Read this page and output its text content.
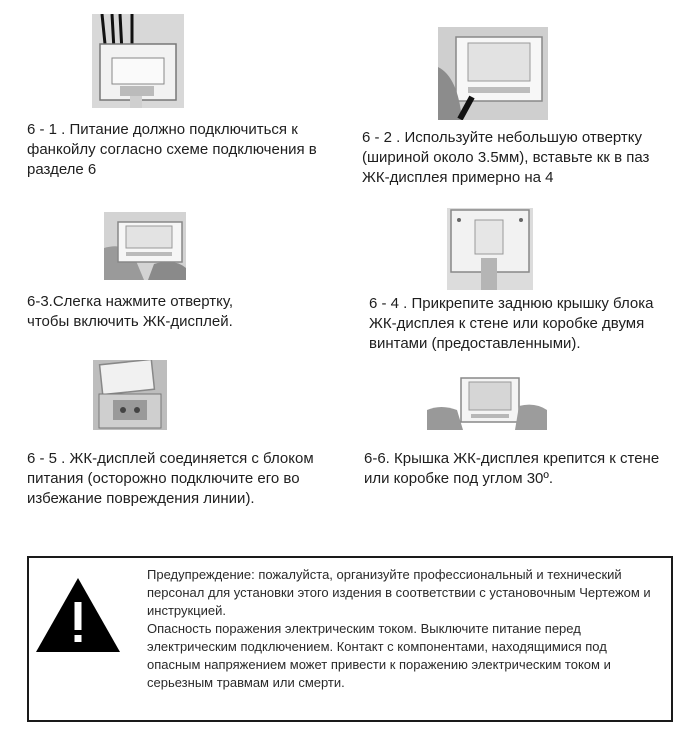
6 - 1 . Питание должно подключиться к фанкойлу согласно схеме подключения в разделе 6
6 - 2 . Используйте небольшую отвертку (шириной около 3.5мм), вставьте кк в паз ЖК-дисплея примерно на 4
6-3.Слегка нажмите отвертку, чтобы включить ЖК-дисплей.
6 - 4 . Прикрепите заднюю крышку блока ЖК-дисплея к стене или коробке двумя винтами (предоставленными).
6 - 5 . ЖК-дисплей соединяется с блоком питания (осторожно подключите его во избежание повреждения линии).
6-6. Крышка ЖК-дисплея крепится к стене или коробке под углом 30º.

Предупреждение: пожалуйста, организуйте профессиональный и технический персонал для установки этого издения в соответствии с установочным Чертежом и инструкцией.

Опасность поражения электрическим током. Выключите питание перед электрическим подключением. Контакт с компонентами, находящимися под опасным напряжением может привести к поражению электрическим током и серьезным травмам или смерти.
